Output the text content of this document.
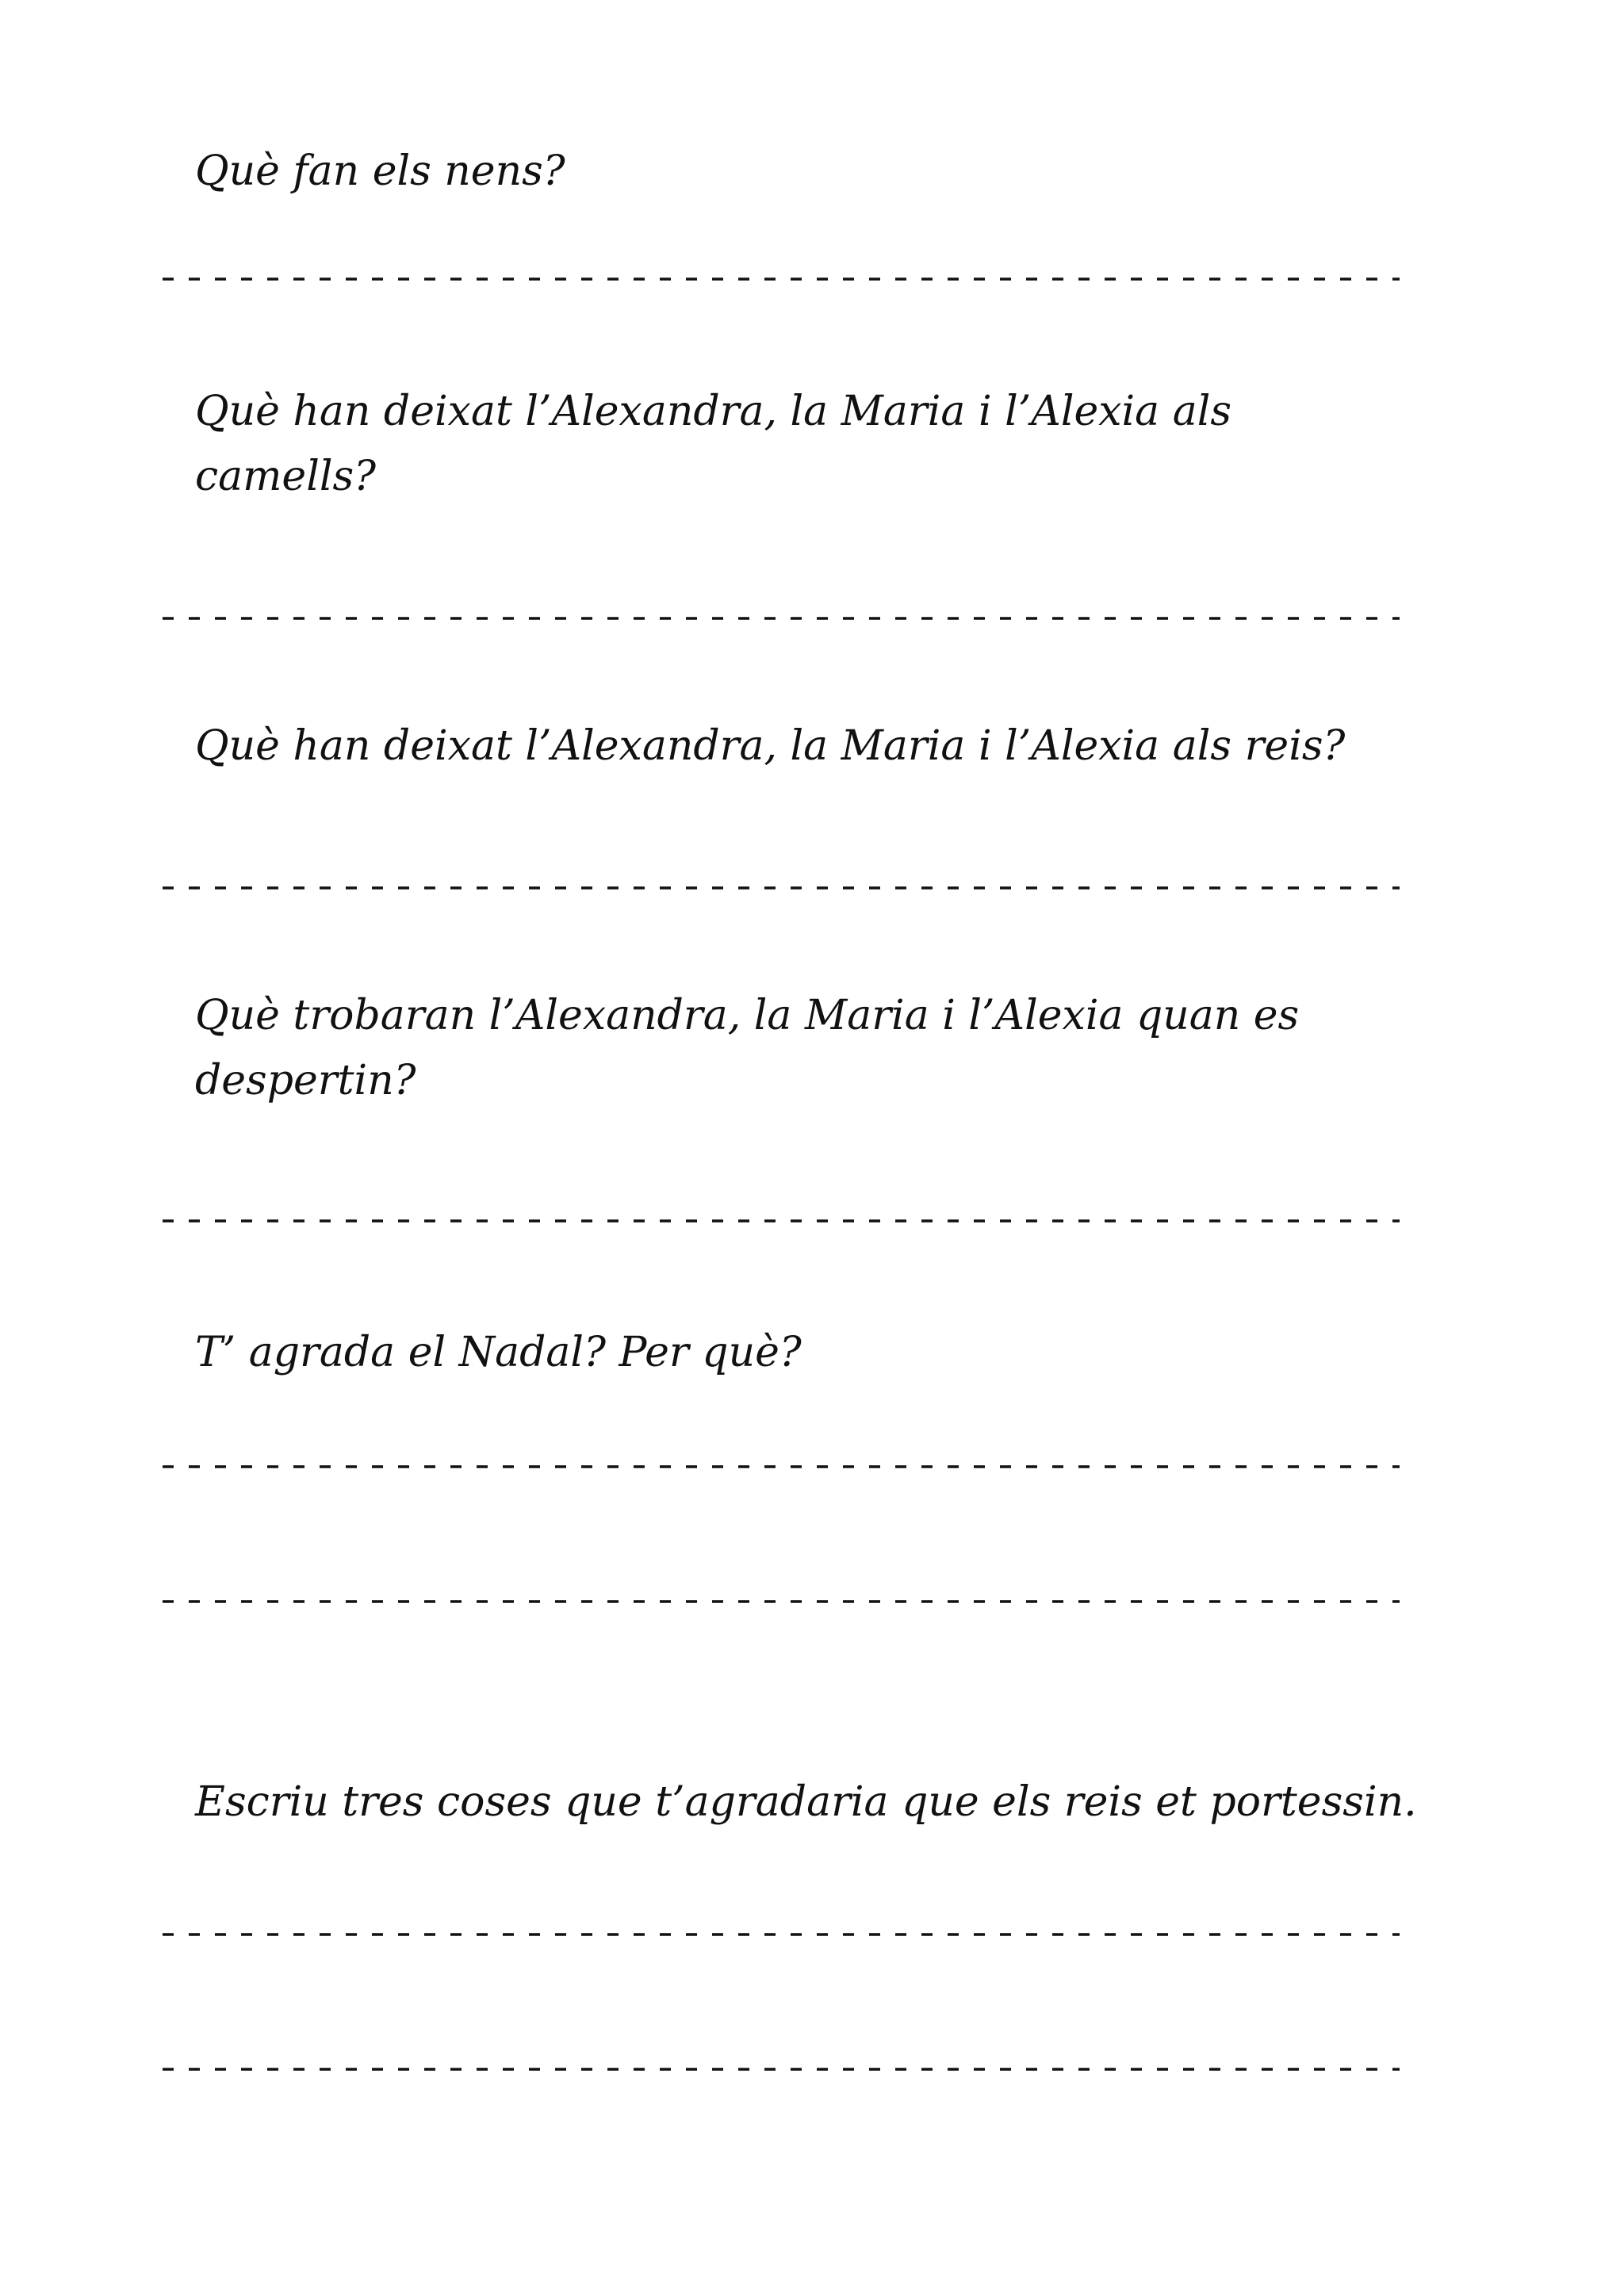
Què fan els nens?

Què han deixat l’Alexandra, la Maria i l’Alexia als camells?

Què han deixat l’Alexandra, la Maria i l’Alexia als reis?

Què trobaran l’Alexandra, la Maria i l’Alexia quan es despertin?

T’ agrada el Nadal? Per què?

Escriu tres coses que t’agradaria que els reis et portessin.
